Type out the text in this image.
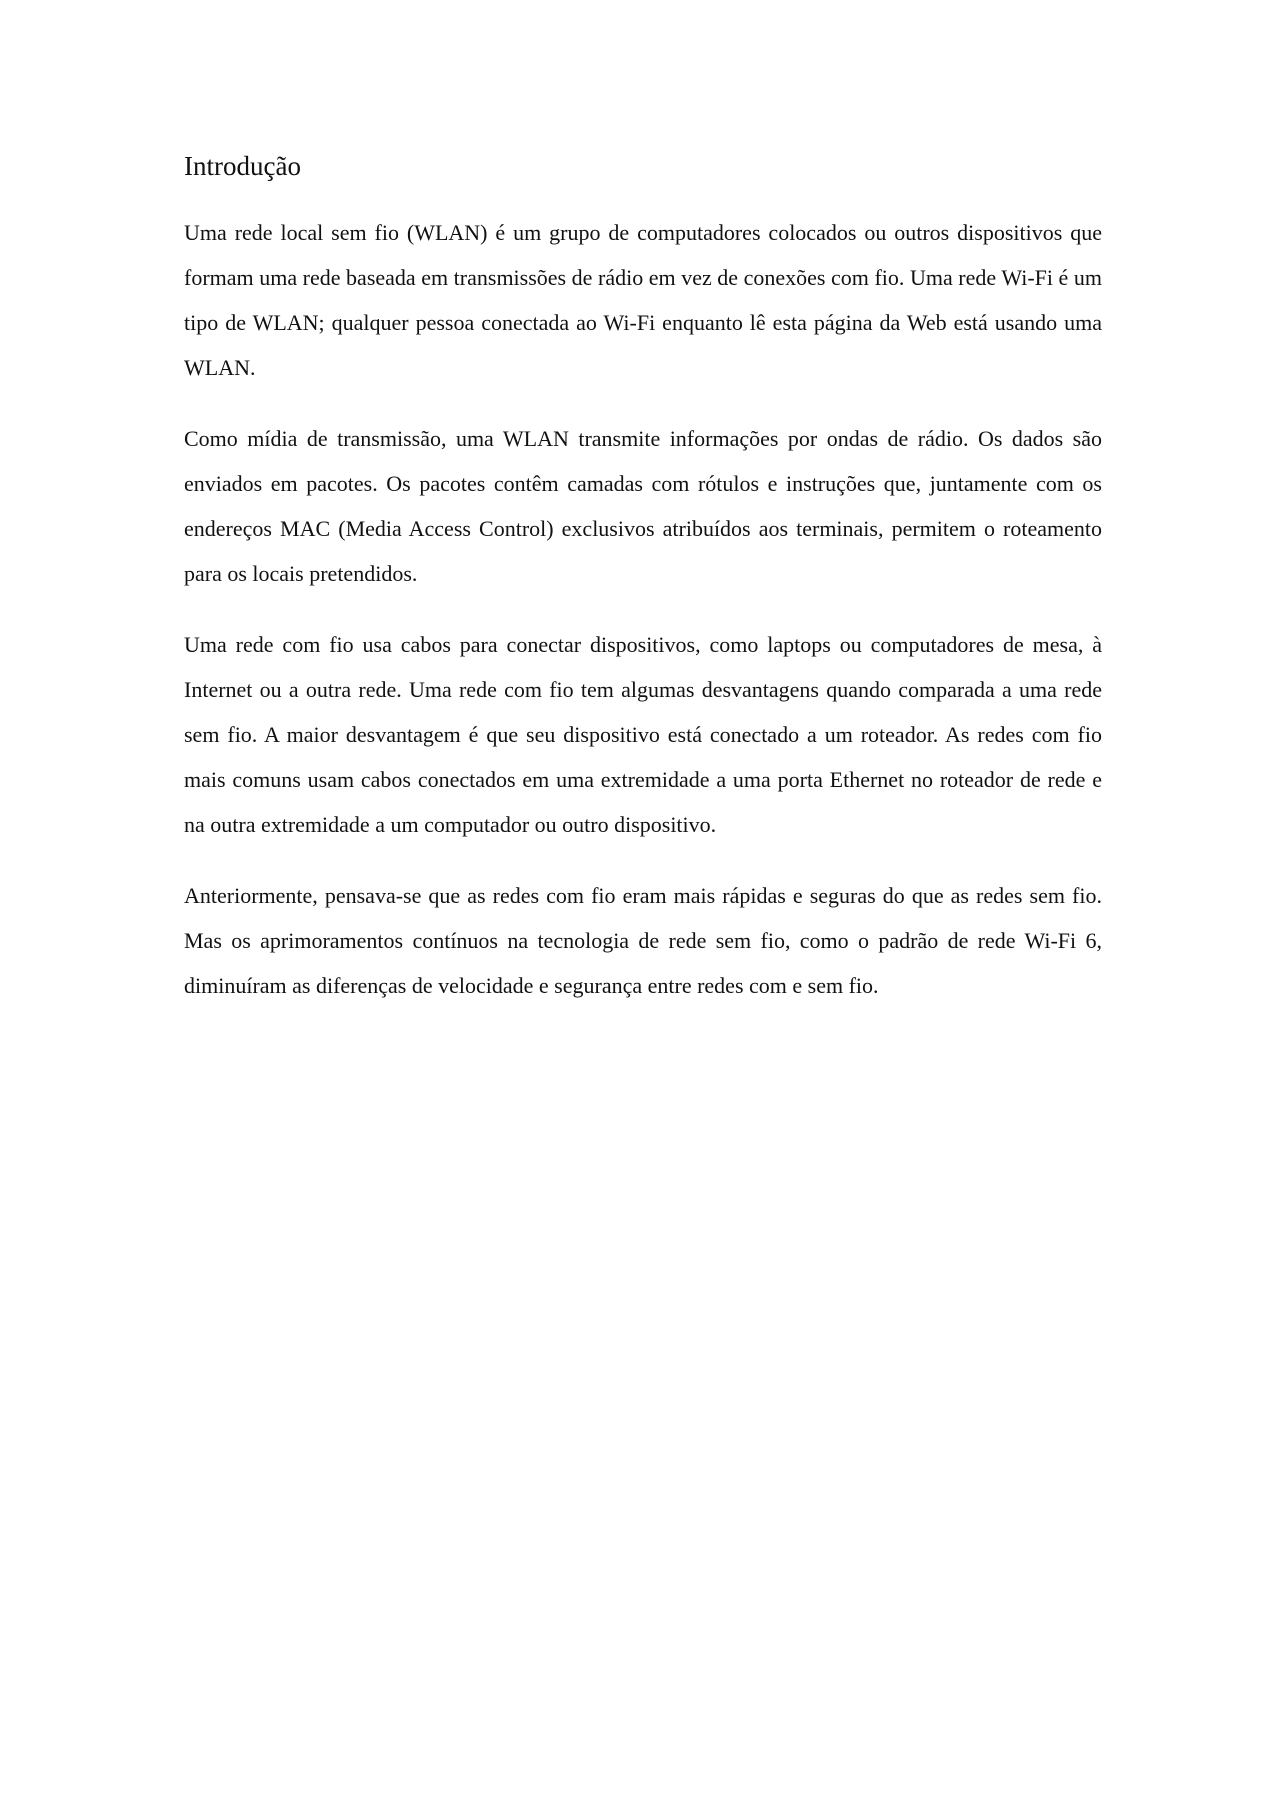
Introdução

Uma rede local sem fio (WLAN) é um grupo de computadores colocados ou outros dispositivos que formam uma rede baseada em transmissões de rádio em vez de conexões com fio. Uma rede Wi-Fi é um tipo de WLAN; qualquer pessoa conectada ao Wi-Fi enquanto lê esta página da Web está usando uma WLAN.

Como mídia de transmissão, uma WLAN transmite informações por ondas de rádio. Os dados são enviados em pacotes. Os pacotes contêm camadas com rótulos e instruções que, juntamente com os endereços MAC (Media Access Control) exclusivos atribuídos aos terminais, permitem o roteamento para os locais pretendidos.

Uma rede com fio usa cabos para conectar dispositivos, como laptops ou computadores de mesa, à Internet ou a outra rede. Uma rede com fio tem algumas desvantagens quando comparada a uma rede sem fio. A maior desvantagem é que seu dispositivo está conectado a um roteador. As redes com fio mais comuns usam cabos conectados em uma extremidade a uma porta Ethernet no roteador de rede e na outra extremidade a um computador ou outro dispositivo.

Anteriormente, pensava-se que as redes com fio eram mais rápidas e seguras do que as redes sem fio. Mas os aprimoramentos contínuos na tecnologia de rede sem fio, como o padrão de rede Wi-Fi 6, diminuíram as diferenças de velocidade e segurança entre redes com e sem fio.
